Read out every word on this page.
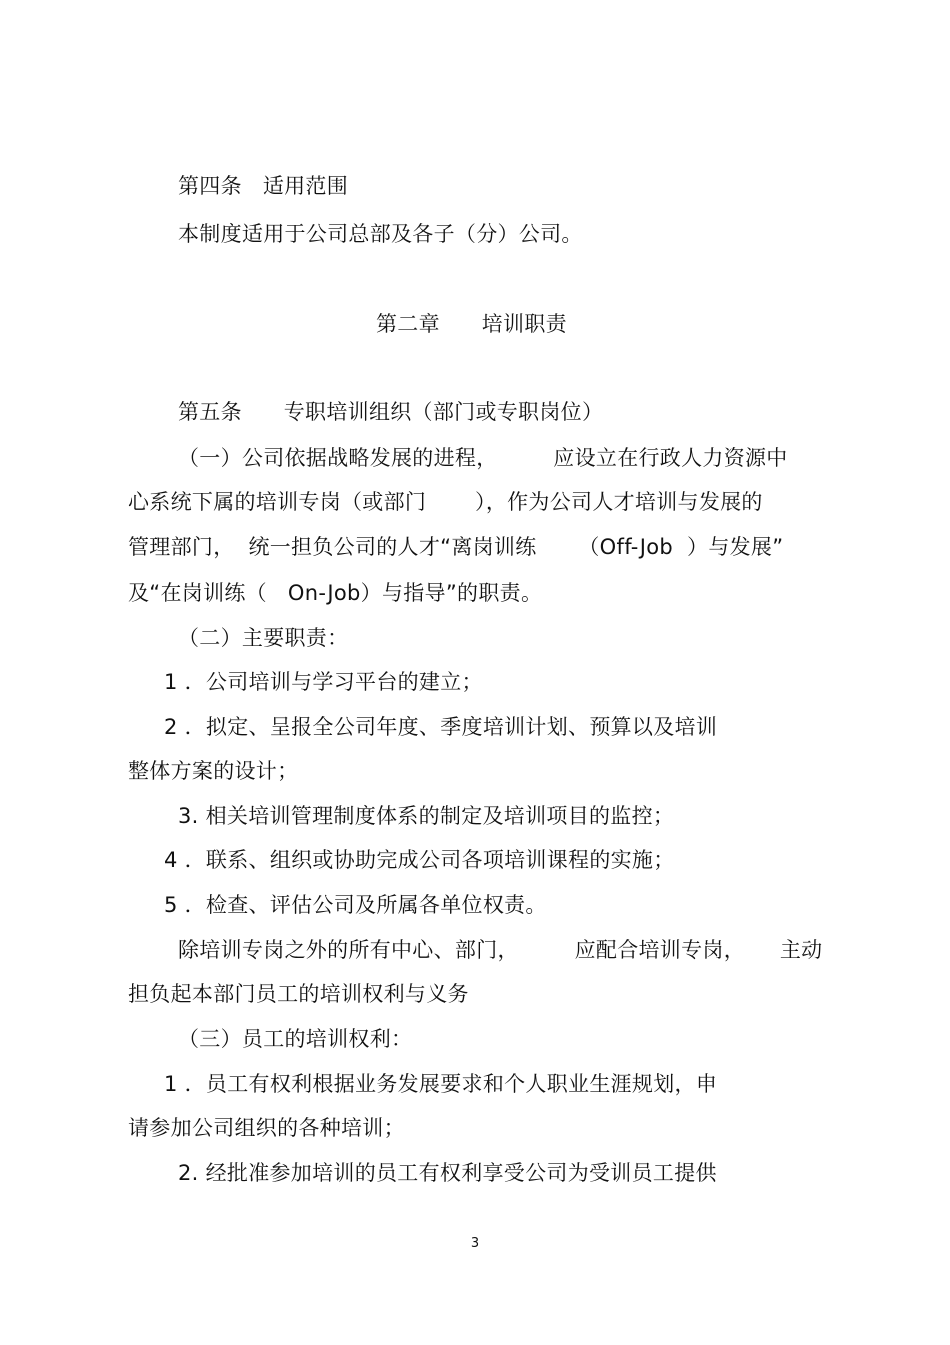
第四条   适用范围
本制度适用于公司总部及各子（分）公司。
第二章      培训职责
第五条      专职培训组织（部门或专职岗位）
（一）公司依据战略发展的进程，        应设立在行政人力资源中
心系统下属的培训专岗（或部门       ），作为公司人才培训与发展的
管理部门，  统一担负公司的人才“离岗训练      （Off-Job  ）与发展”
及“在岗训练（   On-Job）与指导”的职责。
（二）主要职责：
1 ．公司培训与学习平台的建立；
2 ．拟定、呈报全公司年度、季度培训计划、预算以及培训
整体方案的设计；
3. 相关培训管理制度体系的制定及培训项目的监控；
4 ．联系、组织或协助完成公司各项培训课程的实施；
5 ．检查、评估公司及所属各单位权责。
除培训专岗之外的所有中心、部门，        应配合培训专岗，     主动
担负起本部门员工的培训权利与义务
（三）员工的培训权利：
1 ．员工有权利根据业务发展要求和个人职业生涯规划，申
请参加公司组织的各种培训；
2. 经批准参加培训的员工有权利享受公司为受训员工提供
3
